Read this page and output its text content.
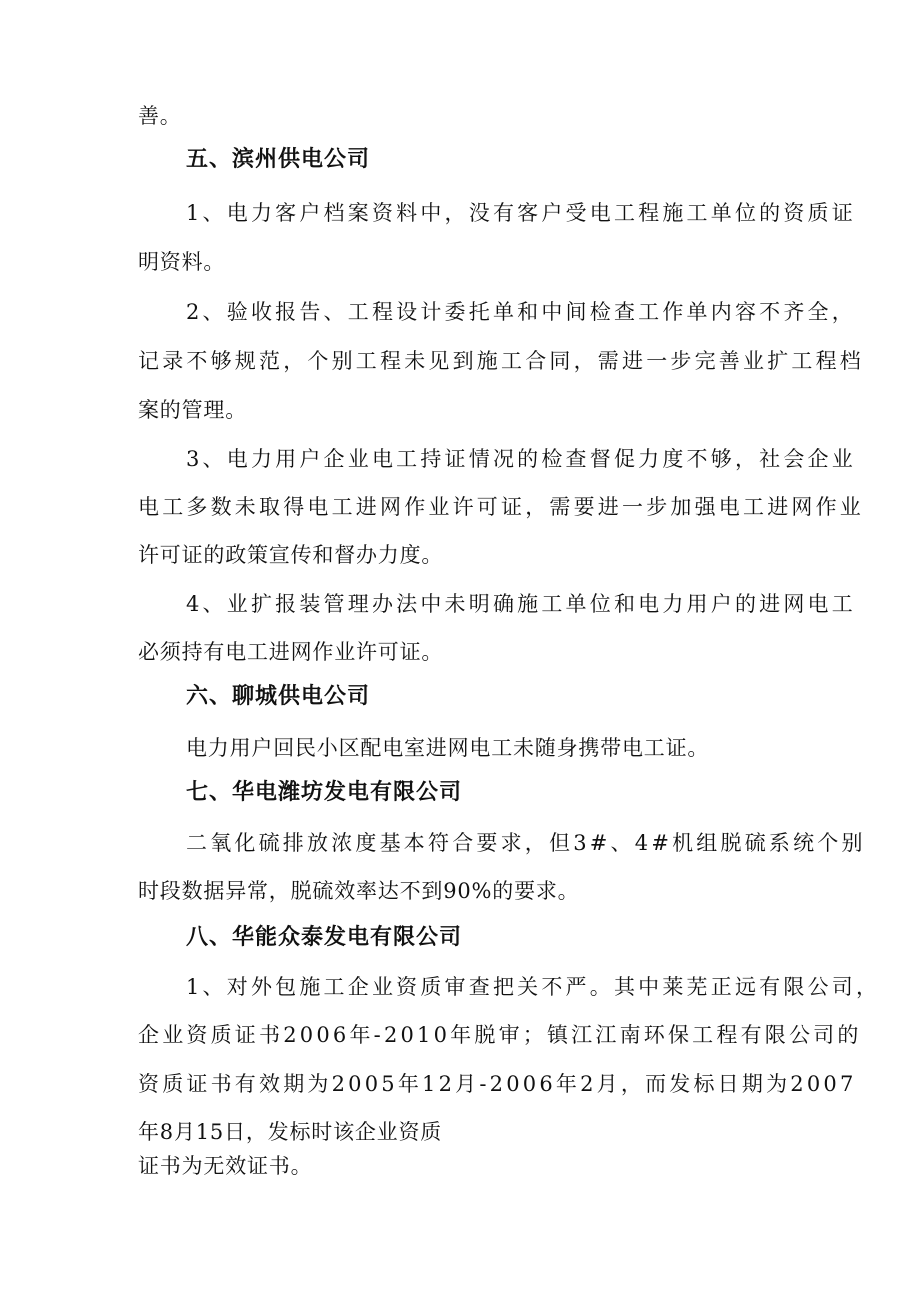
善。
五、滨州供电公司
1、电力客户档案资料中，没有客户受电工程施工单位的资质证
明资料。
2、验收报告、工程设计委托单和中间检查工作单内容不齐全，
记录不够规范，个别工程未见到施工合同，需进一步完善业扩工程档
案的管理。
3、电力用户企业电工持证情况的检查督促力度不够，社会企业
电工多数未取得电工进网作业许可证，需要进一步加强电工进网作业
许可证的政策宣传和督办力度。
4、业扩报装管理办法中未明确施工单位和电力用户的进网电工
必须持有电工进网作业许可证。
六、聊城供电公司
电力用户回民小区配电室进网电工未随身携带电工证。
七、华电潍坊发电有限公司
二氧化硫排放浓度基本符合要求，但3#、4#机组脱硫系统个别
时段数据异常，脱硫效率达不到90%的要求。
八、华能众泰发电有限公司
1、对外包施工企业资质审查把关不严。其中莱芜正远有限公司，
企业资质证书2006年-2010年脱审；镇江江南环保工程有限公司的
资质证书有效期为2005年12月-2006年2月，而发标日期为2007
年8月15日，发标时该企业资质
证书为无效证书。
